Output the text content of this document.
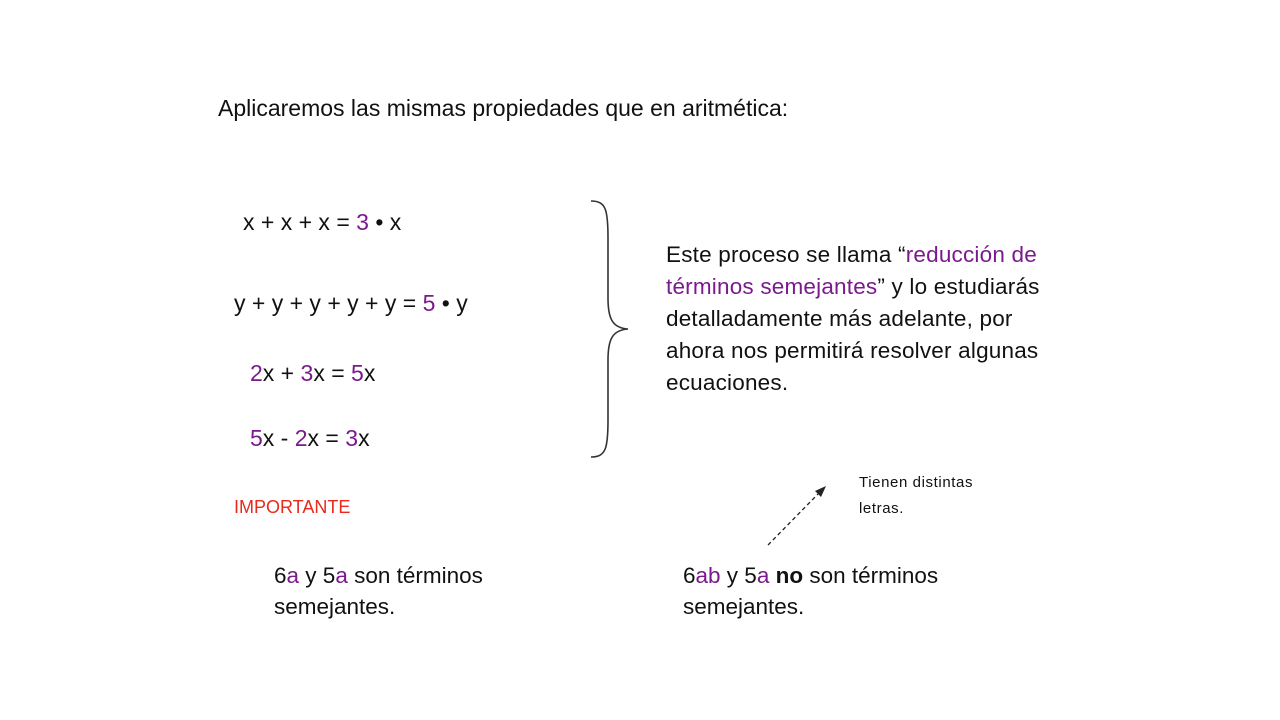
Aplicaremos las mismas propiedades que en aritmética:
x + x + x = 3 • x
y + y + y + y + y = 5 • y
2x + 3x = 5x
5x - 2x = 3x
Este proceso se llama “reducción de términos semejantes” y lo estudiarás detalladamente más adelante, por ahora nos permitirá resolver algunas ecuaciones.
IMPORTANTE
6a y 5a son términos semejantes.
6ab y 5a no son términos semejantes.
Tienen distintas letras.
